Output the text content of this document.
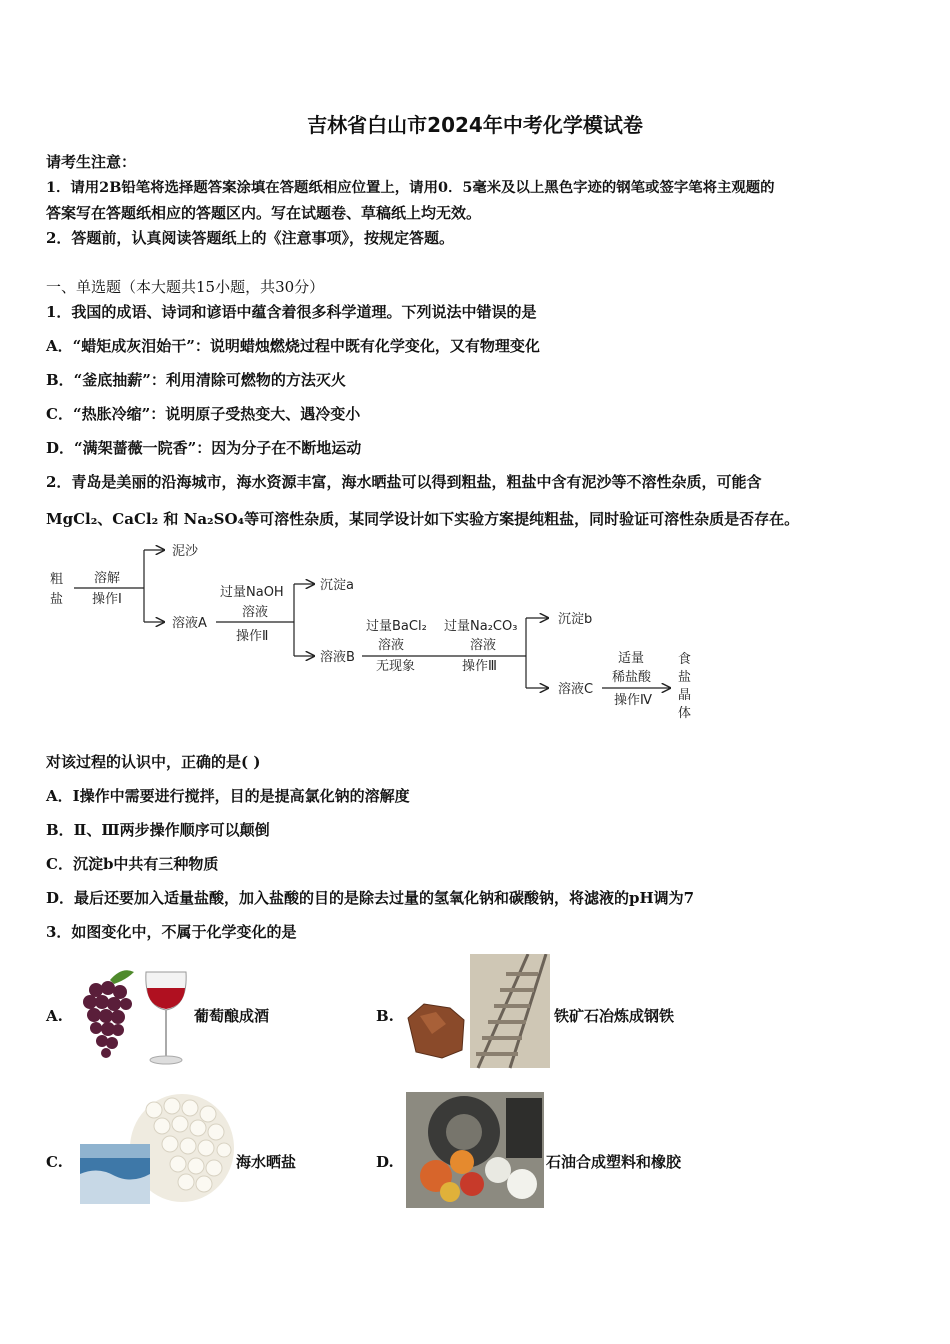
吉林省白山市2024年中考化学模试卷
请考生注意：
1．请用2B铅笔将选择题答案涂填在答题纸相应位置上，请用0．5毫米及以上黑色字迹的钢笔或签字笔将主观题的
答案写在答题纸相应的答题区内。写在试题卷、草稿纸上均无效。
2．答题前，认真阅读答题纸上的《注意事项》，按规定答题。
一、单选题（本大题共15小题，共30分）
1．我国的成语、诗词和谚语中蕴含着很多科学道理。下列说法中错误的是
A．“蜡矩成灰泪始干”：说明蜡烛燃烧过程中既有化学变化，又有物理变化
B．“釜底抽薪”：利用清除可燃物的方法灭火
C．“热胀冷缩”：说明原子受热变大、遇冷变小
D．“满架蔷薇一院香”：因为分子在不断地运动
2．青岛是美丽的沿海城市，海水资源丰富，海水晒盐可以得到粗盐，粗盐中含有泥沙等不溶性杂质，可能含
MgCl₂、CaCl₂ 和 Na₂SO₄等可溶性杂质，某同学设计如下实验方案提纯粗盐，同时验证可溶性杂质是否存在。
粗
盐
溶解
操作Ⅰ
泥沙
溶液A
过量NaOH
溶液
操作Ⅱ
沉淀a
溶液B
过量BaCl₂
溶液
无现象
过量Na₂CO₃
溶液
操作Ⅲ
沉淀b
溶液C
适量
稀盐酸
操作Ⅳ
食
盐
晶
体
对该过程的认识中，正确的是( )
A．Ⅰ操作中需要进行搅拌，目的是提高氯化钠的溶解度
B．Ⅱ、Ⅲ两步操作顺序可以颠倒
C．沉淀b中共有三种物质
D．最后还要加入适量盐酸，加入盐酸的目的是除去过量的氢氧化钠和碳酸钠，将滤液的pH调为7
3．如图变化中，不属于化学变化的是
A.	葡萄酿成酒	B.	铁矿石冶炼成钢铁
C.	海水晒盐	D.	石油合成塑料和橡胶
